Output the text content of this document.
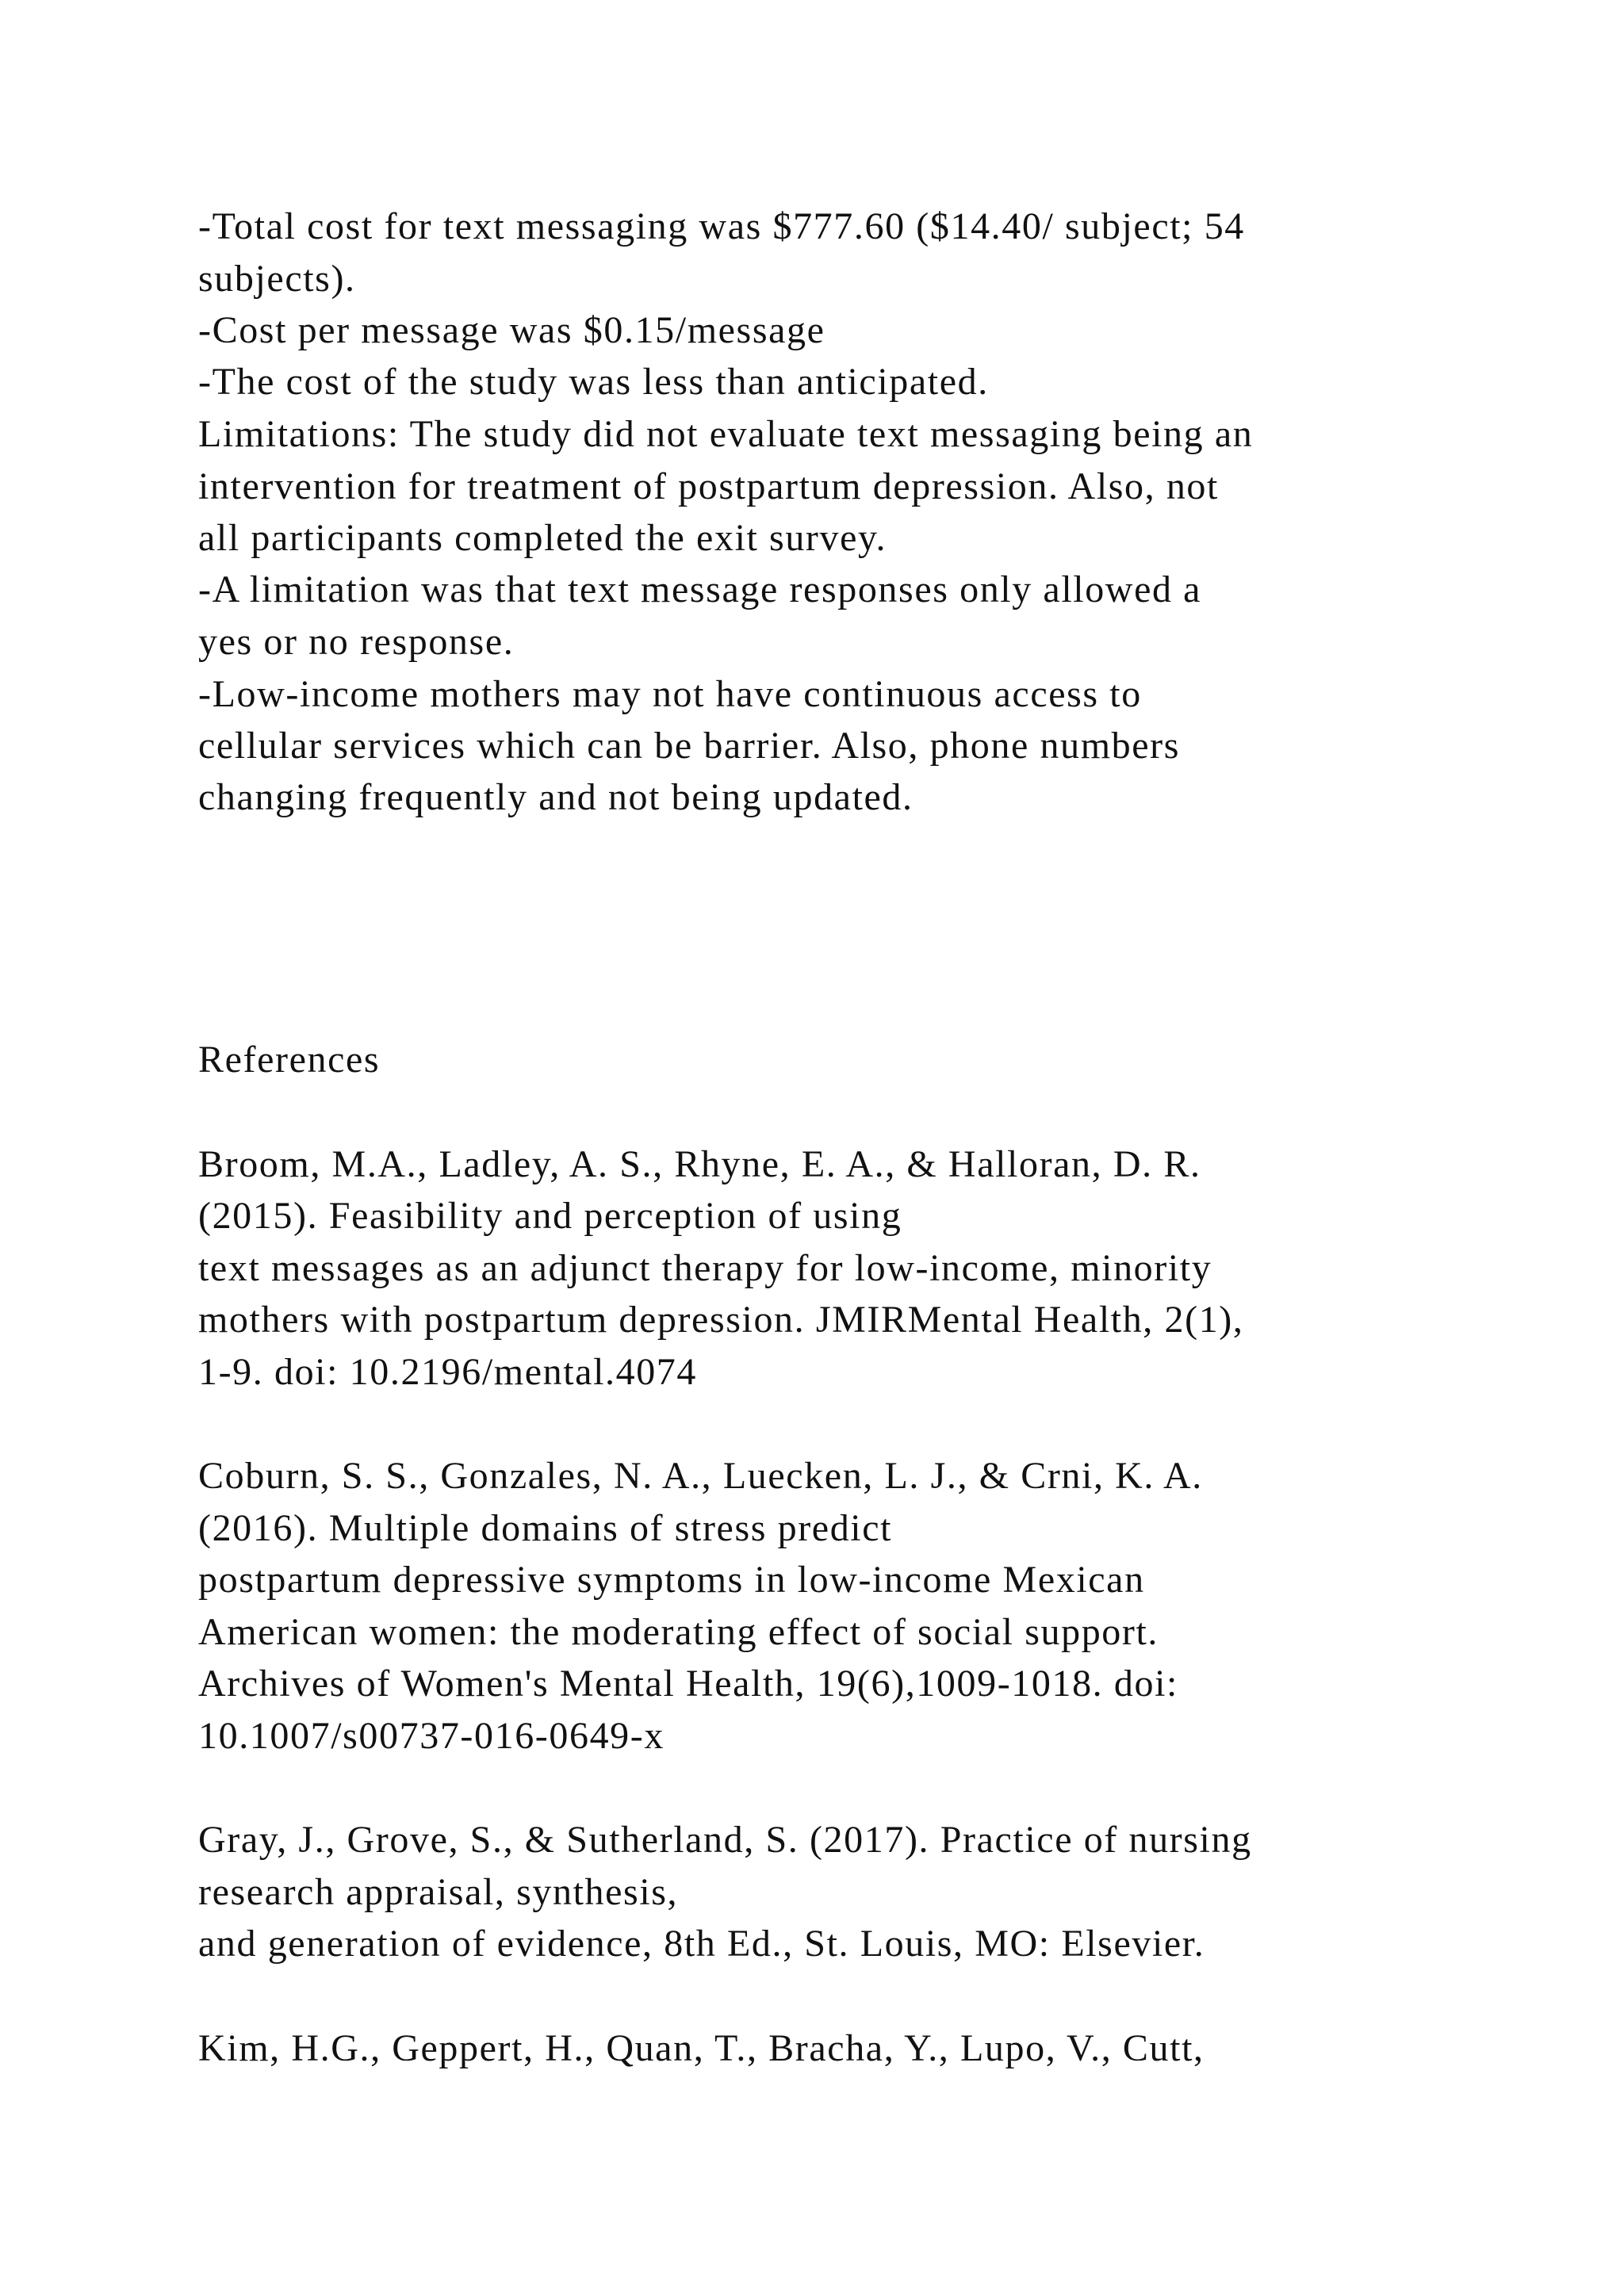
-Total cost for text messaging was $777.60 ($14.40/ subject; 54
subjects).
-Cost per message was $0.15/message
-The cost of the study was less than anticipated.
Limitations: The study did not evaluate text messaging being an
intervention for treatment of postpartum depression. Also, not
all participants completed the exit survey.
-A limitation was that text message responses only allowed a
yes or no response.
-Low-income mothers may not have continuous access to
cellular services which can be barrier. Also, phone numbers
changing frequently and not being updated.
References
Broom, M.A., Ladley, A. S., Rhyne, E. A., & Halloran, D. R.
(2015). Feasibility and perception of using
text messages as an adjunct therapy for low-income, minority
mothers with postpartum depression. JMIRMental Health, 2(1),
1-9. doi: 10.2196/mental.4074
Coburn, S. S., Gonzales, N. A., Luecken, L. J., & Crni, K. A.
(2016). Multiple domains of stress predict
postpartum depressive symptoms in low-income Mexican
American women: the moderating effect of social support.
Archives of Women's Mental Health, 19(6),1009-1018. doi:
10.1007/s00737-016-0649-x
Gray, J., Grove, S., & Sutherland, S. (2017). Practice of nursing
research appraisal, synthesis,
and generation of evidence, 8th Ed., St. Louis, MO: Elsevier.
Kim, H.G., Geppert, H., Quan, T., Bracha, Y., Lupo, V., Cutt,
